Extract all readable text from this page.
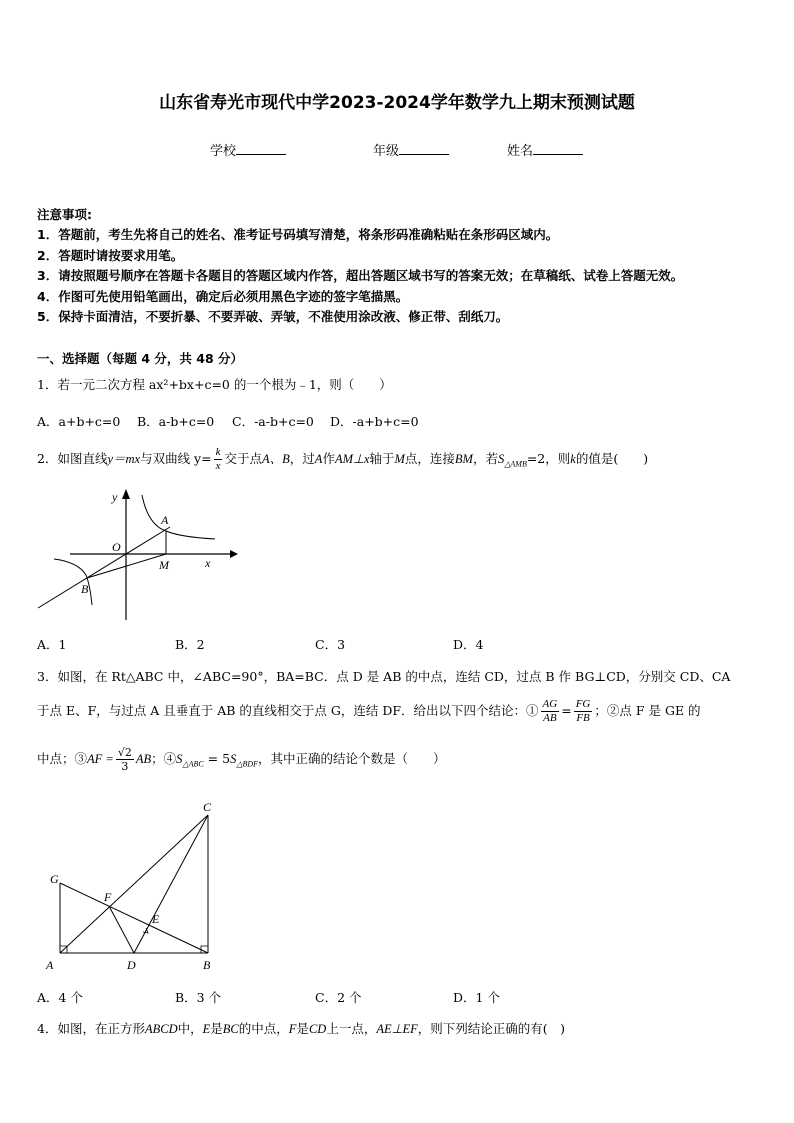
山东省寿光市现代中学2023-2024学年数学九上期末预测试题
学校	年级	姓名
注意事项:
1．答题前，考生先将自己的姓名、准考证号码填写清楚，将条形码准确粘贴在条形码区域内。
2．答题时请按要求用笔。
3．请按照题号顺序在答题卡各题目的答题区域内作答，超出答题区域书写的答案无效；在草稿纸、试卷上答题无效。
4．作图可先使用铅笔画出，确定后必须用黑色字迹的签字笔描黑。
5．保持卡面清洁，不要折暴、不要弄破、弄皱，不准使用涂改液、修正带、刮纸刀。
一、选择题（每题 4 分，共 48 分）
1．若一元二次方程 ax²+bx+c=0 的一个根为﹣1，则（　　）
A．a+b+c=0 B．a-b+c=0 C．-a-b+c=0 D．-a+b+c=0
2．如图直线y＝mx与双曲线 $y= \frac{k}{x}$ 交于点A、B，过A作AM⊥x轴于M点，连接BM，若$S_{\triangle AMB}=2$，则k的值是(　　)
y
x
O
A
B
M
A．1	B．2	C．3	D．4
3．如图，在 Rt△ABC 中，∠ABC=90°，BA=BC．点 D 是 AB 的中点，连结 CD，过点 B 作 BG⊥CD，分别交 CD、CA
于点 E、F，与过点 A 且垂直于 AB 的直线相交于点 G，连结 DF．给出以下四个结论：① $\frac{AG}{AB} = \frac{FG}{FB}$ ；②点 F 是 GE 的
中点；③AF = $\frac{√2}{3}$ AB；$④S_{\triangle ABC} = 5S_{\triangle BDF}$，其中正确的结论个数是（　　）
C
G
F
E
A	D	B
A．4 个	B．3 个	C．2 个	D．1 个
4．如图，在正方形ABCD中，E是BC的中点，F是CD上一点，AE⊥EF，则下列结论正确的有(　)
